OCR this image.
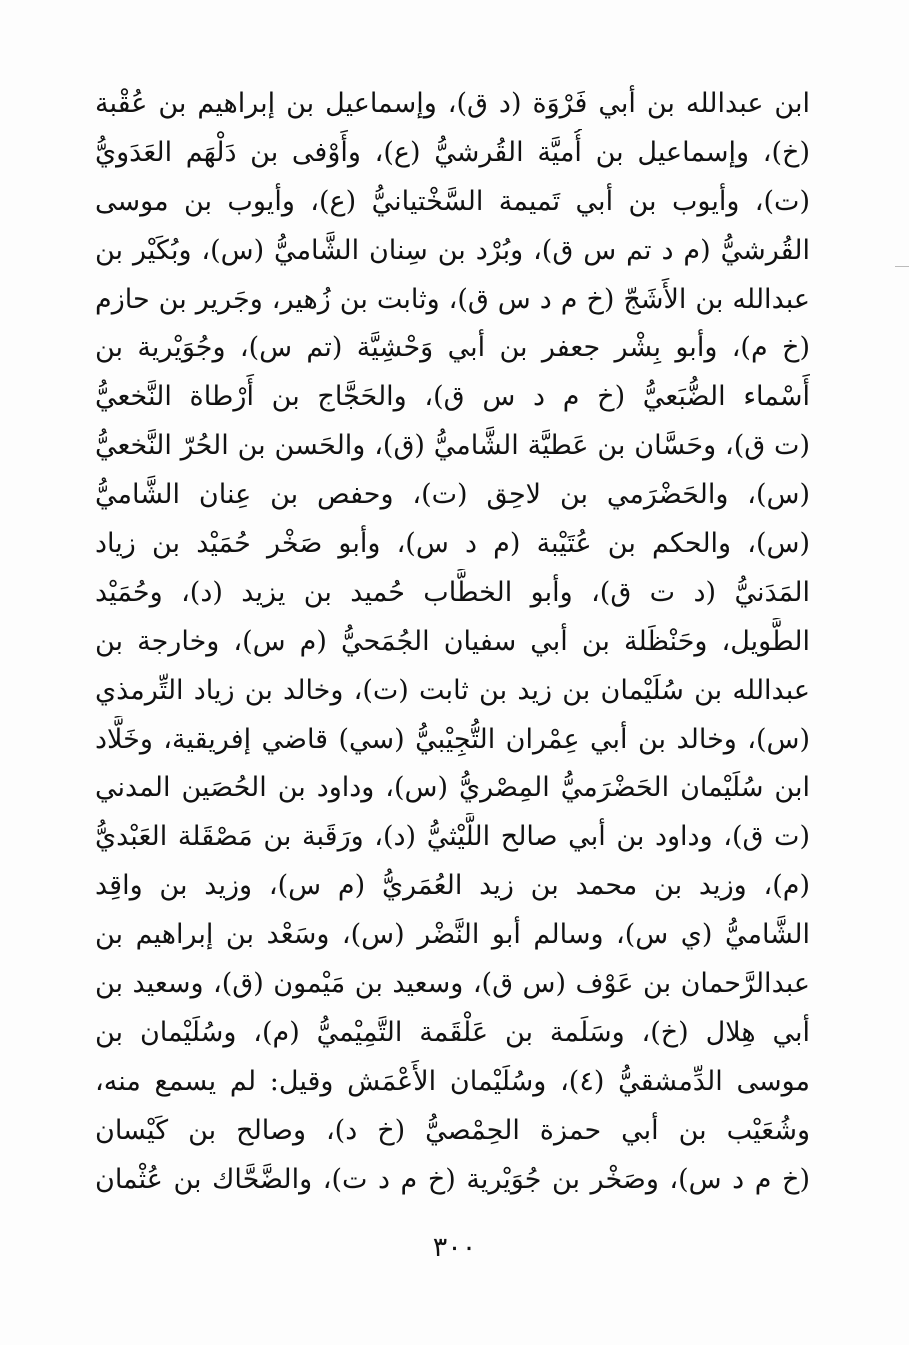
ابن عبدالله بن أبي فَرْوَة (د ق)، وإسماعيل بن إبراهيم بن عُقْبة
(خ)، وإسماعيل بن أُميَّة القُرشيُّ (ع)، وأَوْفى بن دَلْهَم العَدَويُّ
(ت)، وأيوب بن أبي تَميمة السَّخْتيانيُّ (ع)، وأيوب بن موسى
القُرشيُّ (م د تم س ق)، وبُرْد بن سِنان الشَّاميُّ (س)، وبُكَيْر بن
عبدالله بن الأَشَجّ (خ م د س ق)، وثابت بن زُهير، وجَرير بن حازم
(خ م)، وأبو بِشْر جعفر بن أبي وَحْشِيَّة (تم س)، وجُوَيْرية بن
أَسْماء الضُّبَعيُّ (خ م د س ق)، والحَجَّاج بن أَرْطاة النَّخعيُّ
(ت ق)، وحَسَّان بن عَطيَّة الشَّاميُّ (ق)، والحَسن بن الحُرّ النَّخعيُّ
(س)، والحَضْرَمي بن لاحِق (ت)، وحفص بن عِنان الشَّاميُّ
(س)، والحكم بن عُتَيْبة (م د س)، وأبو صَخْر حُمَيْد بن زياد
المَدَنيُّ (د ت ق)، وأبو الخطَّاب حُميد بن يزيد (د)، وحُمَيْد
الطَّويل، وحَنْظَلة بن أبي سفيان الجُمَحيُّ (م س)، وخارجة بن
عبدالله بن سُلَيْمان بن زيد بن ثابت (ت)، وخالد بن زياد التِّرمذي
(س)، وخالد بن أبي عِمْران التُّجِيْبيُّ (سي) قاضي إفريقية، وخَلَّاد
ابن سُلَيْمان الحَضْرَميُّ المِصْريُّ (س)، وداود بن الحُصَين المدني
(ت ق)، وداود بن أبي صالح اللَّيْثيُّ (د)، ورَقَبة بن مَصْقَلة العَبْديُّ
(م)، وزيد بن محمد بن زيد العُمَريُّ (م س)، وزيد بن واقِد
الشَّاميُّ (ي س)، وسالم أبو النَّضْر (س)، وسَعْد بن إبراهيم بن
عبدالرَّحمان بن عَوْف (س ق)، وسعيد بن مَيْمون (ق)، وسعيد بن
أبي هِلال (خ)، وسَلَمة بن عَلْقَمة التَّمِيْميُّ (م)، وسُلَيْمان بن
موسى الدِّمشقيُّ (٤)، وسُلَيْمان الأَعْمَش وقيل: لم يسمع منه،
وشُعَيْب بن أبي حمزة الحِمْصيُّ (خ د)، وصالح بن كَيْسان
(خ م د س)، وصَخْر بن جُوَيْرية (خ م د ت)، والضَّحَّاك بن عُثْمان
٣٠٠
